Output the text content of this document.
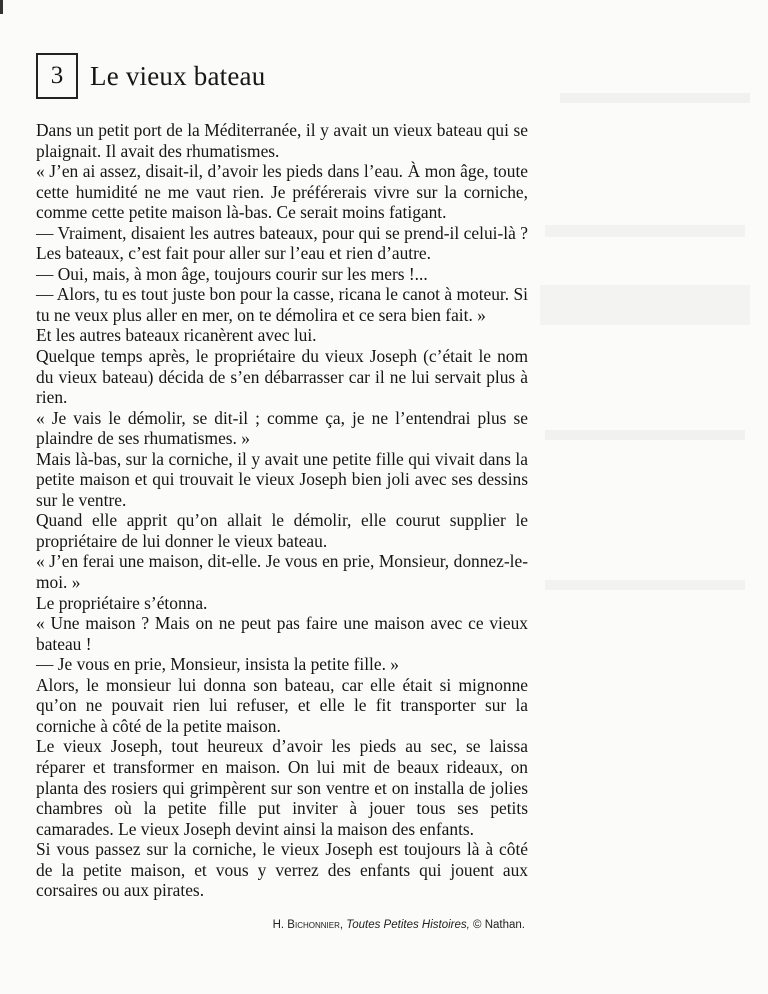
3 Le vieux bateau

Dans un petit port de la Méditerranée, il y avait un vieux bateau qui se plaignait. Il avait des rhumatismes.

« J’en ai assez, disait-il, d’avoir les pieds dans l’eau. À mon âge, toute cette humidité ne me vaut rien. Je préférerais vivre sur la corniche, comme cette petite maison là-bas. Ce serait moins fatigant.

— Vraiment, disaient les autres bateaux, pour qui se prend-il celui-là ? Les bateaux, c’est fait pour aller sur l’eau et rien d’autre.

— Oui, mais, à mon âge, toujours courir sur les mers !...

— Alors, tu es tout juste bon pour la casse, ricana le canot à moteur. Si tu ne veux plus aller en mer, on te démolira et ce sera bien fait. »

Et les autres bateaux ricanèrent avec lui.

Quelque temps après, le propriétaire du vieux Joseph (c’était le nom du vieux bateau) décida de s’en débarrasser car il ne lui servait plus à rien.

« Je vais le démolir, se dit-il ; comme ça, je ne l’entendrai plus se plaindre de ses rhumatismes. »

Mais là-bas, sur la corniche, il y avait une petite fille qui vivait dans la petite maison et qui trouvait le vieux Joseph bien joli avec ses dessins sur le ventre.

Quand elle apprit qu’on allait le démolir, elle courut supplier le propriétaire de lui donner le vieux bateau.

« J’en ferai une maison, dit-elle. Je vous en prie, Monsieur, donnez-le-moi. »

Le propriétaire s’étonna.

« Une maison ? Mais on ne peut pas faire une maison avec ce vieux bateau !

— Je vous en prie, Monsieur, insista la petite fille. »

Alors, le monsieur lui donna son bateau, car elle était si mignonne qu’on ne pouvait rien lui refuser, et elle le fit transporter sur la corniche à côté de la petite maison.

Le vieux Joseph, tout heureux d’avoir les pieds au sec, se laissa réparer et transformer en maison. On lui mit de beaux rideaux, on planta des rosiers qui grimpèrent sur son ventre et on installa de jolies chambres où la petite fille put inviter à jouer tous ses petits camarades. Le vieux Joseph devint ainsi la maison des enfants.

Si vous passez sur la corniche, le vieux Joseph est toujours là à côté de la petite maison, et vous y verrez des enfants qui jouent aux corsaires ou aux pirates.

H. Bichonnier, Toutes Petites Histoires, © Nathan.
